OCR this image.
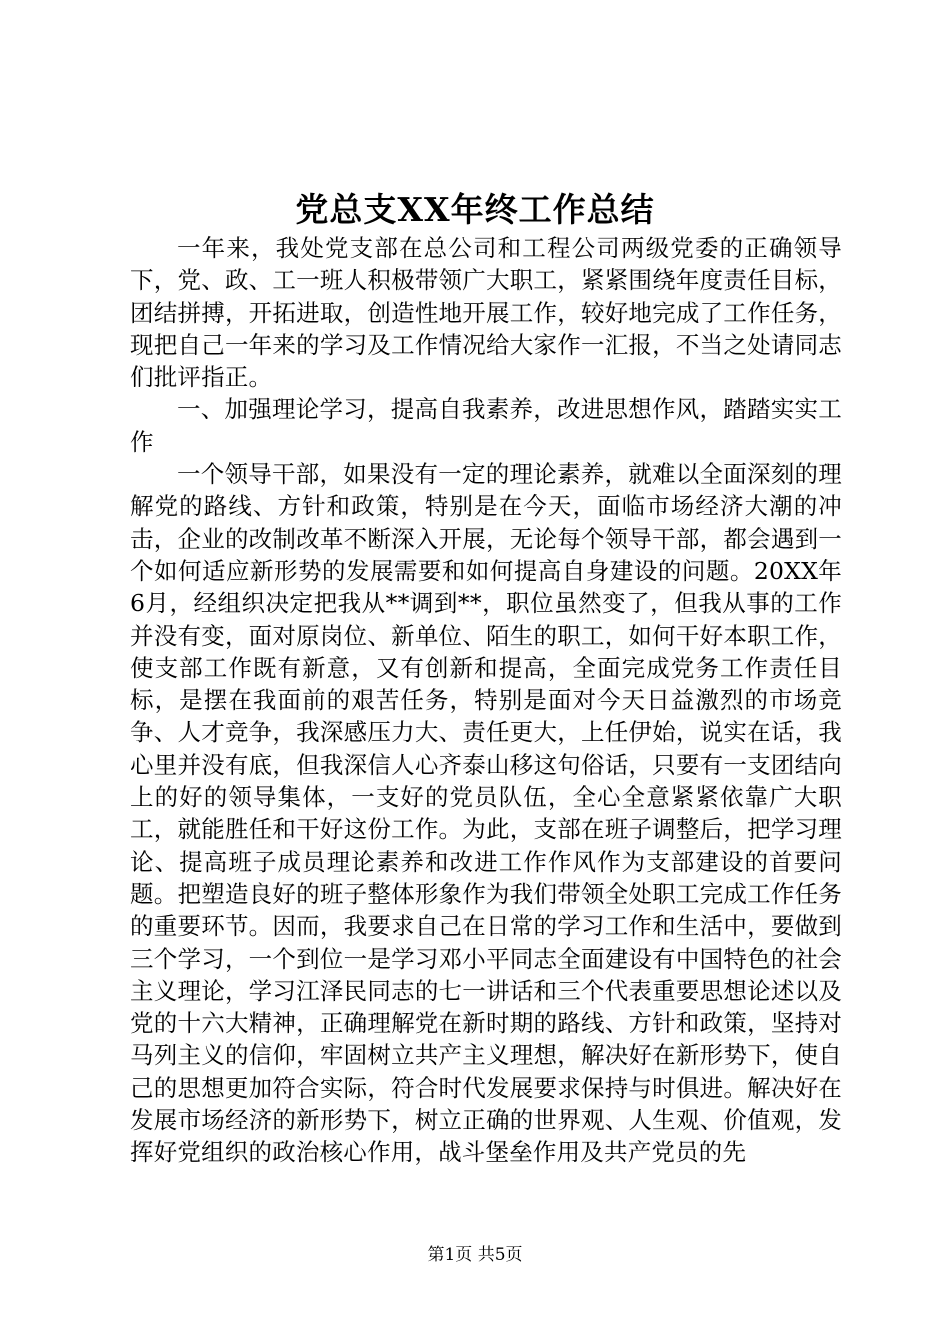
党总支XX年终工作总结

一年来，我处党支部在总公司和工程公司两级党委的正确领导下，党、政、工一班人积极带领广大职工，紧紧围绕年度责任目标，团结拼搏，开拓进取，创造性地开展工作，较好地完成了工作任务，现把自己一年来的学习及工作情况给大家作一汇报，不当之处请同志们批评指正。

一、加强理论学习，提高自我素养，改进思想作风，踏踏实实工作

一个领导干部，如果没有一定的理论素养，就难以全面深刻的理解党的路线、方针和政策，特别是在今天，面临市场经济大潮的冲击，企业的改制改革不断深入开展，无论每个领导干部，都会遇到一个如何适应新形势的发展需要和如何提高自身建设的问题。20XX年6月，经组织决定把我从**调到**，职位虽然变了，但我从事的工作并没有变，面对原岗位、新单位、陌生的职工，如何干好本职工作，使支部工作既有新意，又有创新和提高，全面完成党务工作责任目标，是摆在我面前的艰苦任务，特别是面对今天日益激烈的市场竞争、人才竞争，我深感压力大、责任更大，上任伊始，说实在话，我心里并没有底，但我深信人心齐泰山移这句俗话，只要有一支团结向上的好的领导集体，一支好的党员队伍，全心全意紧紧依靠广大职工，就能胜任和干好这份工作。为此，支部在班子调整后，把学习理论、提高班子成员理论素养和改进工作作风作为支部建设的首要问题。把塑造良好的班子整体形象作为我们带领全处职工完成工作任务的重要环节。因而，我要求自己在日常的学习工作和生活中，要做到三个学习，一个到位一是学习邓小平同志全面建设有中国特色的社会主义理论，学习江泽民同志的七一讲话和三个代表重要思想论述以及党的十六大精神，正确理解党在新时期的路线、方针和政策，坚持对马列主义的信仰，牢固树立共产主义理想，解决好在新形势下，使自己的思想更加符合实际，符合时代发展要求保持与时俱进。解决好在发展市场经济的新形势下，树立正确的世界观、人生观、价值观，发挥好党组织的政治核心作用，战斗堡垒作用及共产党员的先

第1页 共5页
